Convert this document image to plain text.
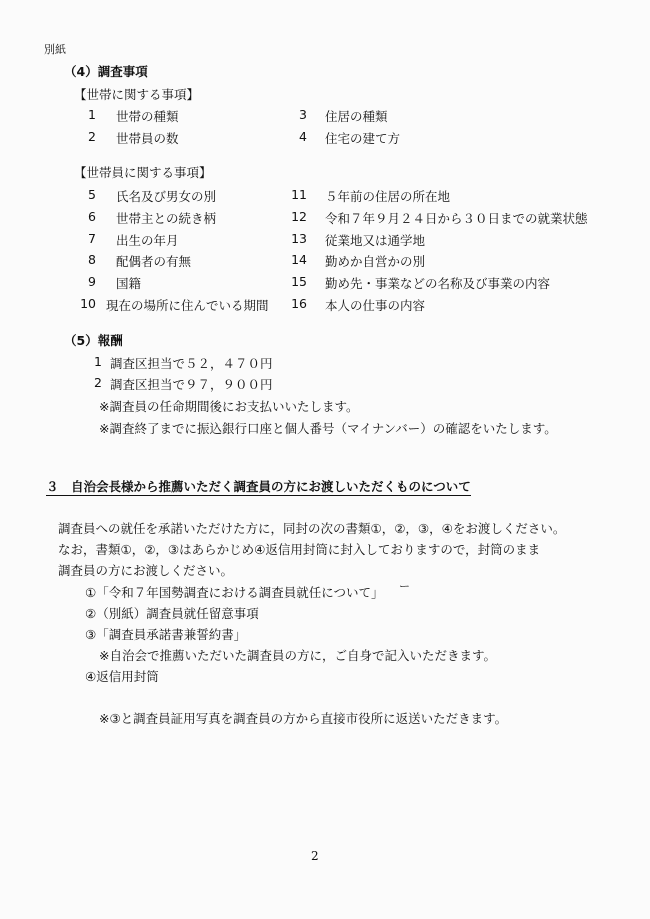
別紙
（4）調査事項
【世帯に関する事項】
1 世帯の種類
2 世帯員の数
3 住居の種類
4 住宅の建て方
【世帯員に関する事項】
5 氏名及び男女の別
6 世帯主との続き柄
7 出生の年月
8 配偶者の有無
9 国籍
10 現在の場所に住んでいる期間
11 ５年前の住居の所在地
12 令和７年９月２４日から３０日までの就業状態
13 従業地又は通学地
14 勤めか自営かの別
15 勤め先・事業などの名称及び事業の内容
16 本人の仕事の内容
（5）報酬
1 調査区担当で５２，４７０円
2 調査区担当で９７，９００円
※調査員の任命期間後にお支払いいたします。
※調査終了までに振込銀行口座と個人番号（マイナンバー）の確認をいたします。
３　自治会長様から推薦いただく調査員の方にお渡しいただくものについて
調査員への就任を承諾いただけた方に，同封の次の書類①，②，③，④をお渡しください。
なお，書類①，②，③はあらかじめ④返信用封筒に封入しておりますので，封筒のまま
調査員の方にお渡しください。
①「令和７年国勢調査における調査員就任について」 ー
②（別紙）調査員就任留意事項
③「調査員承諾書兼誓約書」
※自治会で推薦いただいた調査員の方に，ご自身で記入いただきます。
④返信用封筒
※③と調査員証用写真を調査員の方から直接市役所に返送いただきます。
2
